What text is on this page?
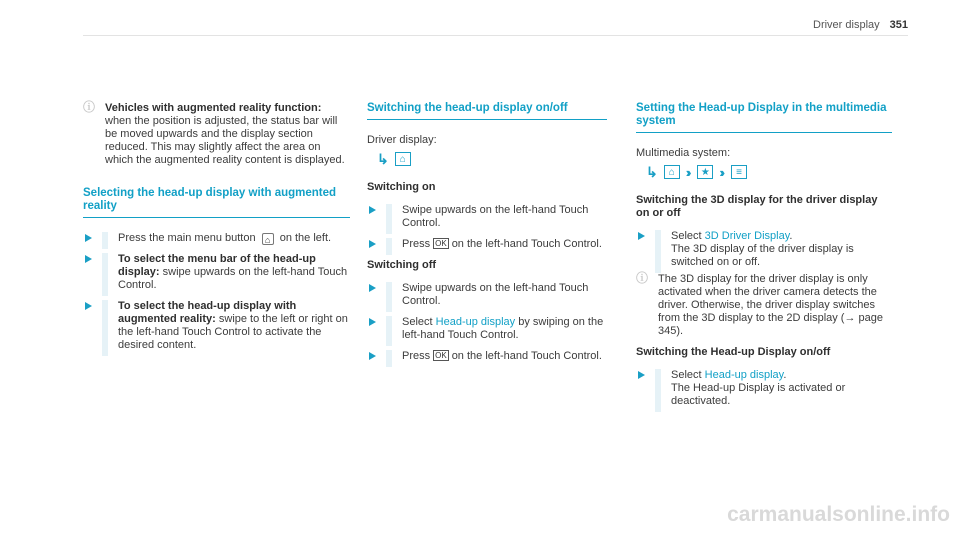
Driver display 351
ⓘ Vehicles with augmented reality function:
when the position is adjusted, the status bar will be moved upwards and the display section reduced. This may slightly affect the area on which the augmented reality content is displayed.

Selecting the head-up display with augmented reality
Press the main menu button ⌂ on the left.
To select the menu bar of the head-up display: swipe upwards on the left-hand Touch Control.
To select the head-up display with augmented reality: swipe to the left or right on the left-hand Touch Control to activate the desired content.
Switching the head-up display on/off

Driver display:

↳	⌂
Switching on
Swipe upwards on the left-hand Touch Control.
Press OK on the left-hand Touch Control.
Switching off
Swipe upwards on the left-hand Touch Control.
Select Head-up display by swiping on the left-hand Touch Control.
Press OK on the left-hand Touch Control.
Setting the Head-up Display in the multimedia system

Multimedia system:

↳	⌂ ››	★ ››	≡
Switching the 3D display for the driver display on or off
Select 3D Driver Display.
The 3D display of the driver display is switched on or off.
ⓘ The 3D display for the driver display is only activated when the driver camera detects the driver. Otherwise, the driver display switches from the 3D display to the 2D display (→ page 345).

Switching the Head-up Display on/off
Select Head-up display.
The Head-up Display is activated or deactivated.
carmanualsonline.info
